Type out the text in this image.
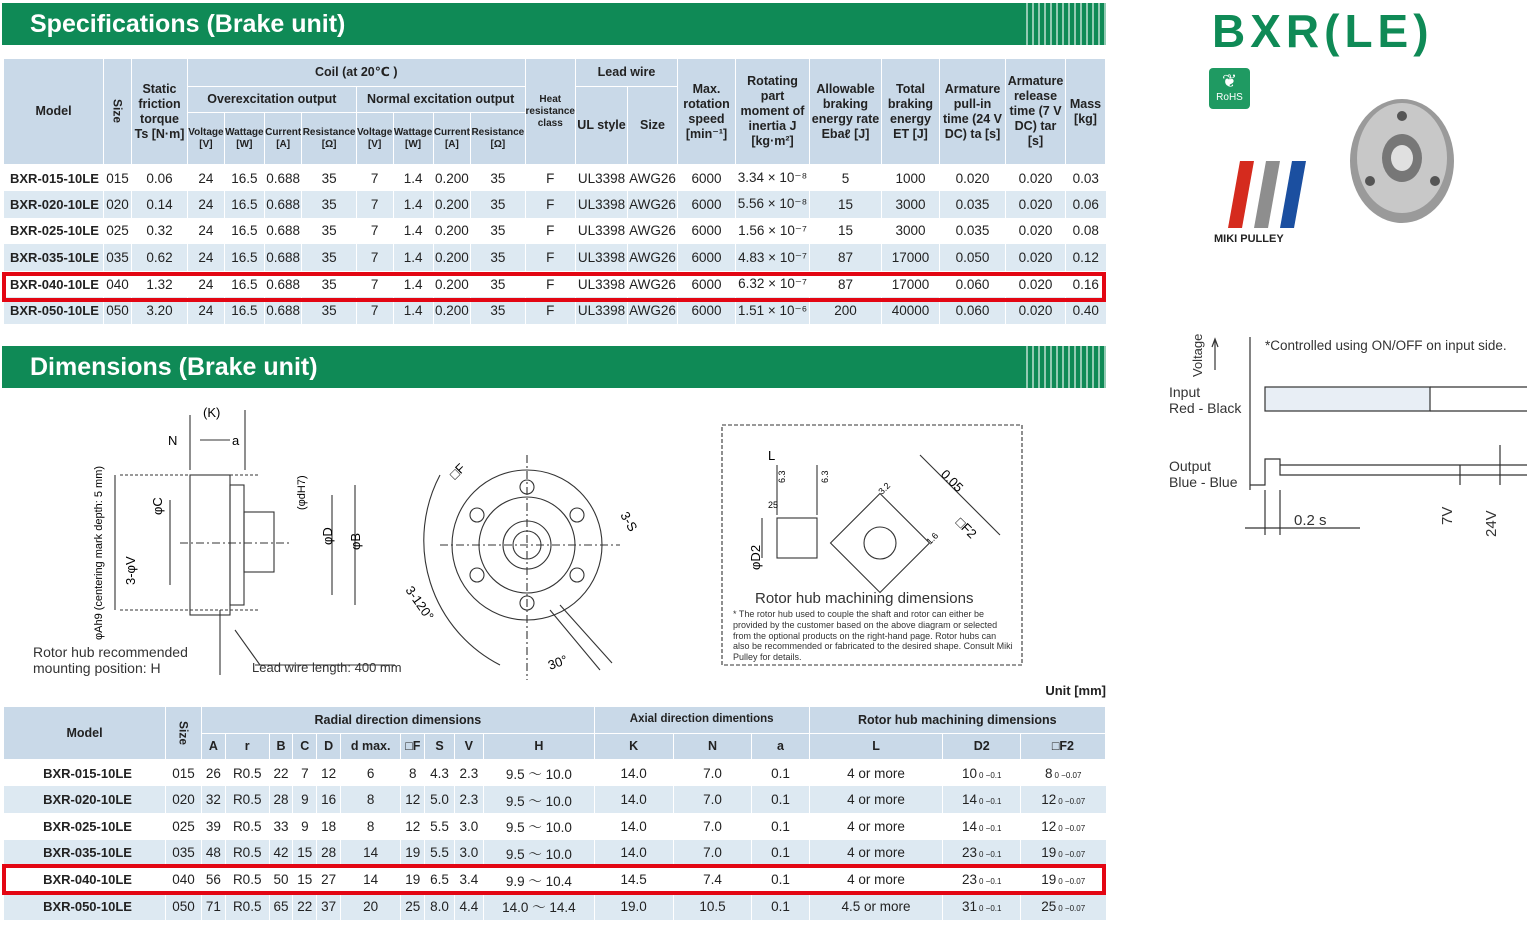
Specifications (Brake unit)
Model	Size	Static friction torque Ts [N·m]	Coil (at 20℃ )								Heat resistance class	Lead wire		Max. rotation speed [min⁻¹]	Rotating part moment of inertia J [kg·m²]	Allowable braking energy rate Ebaℓ [J]	Total braking energy ET [J]	Armature pull-in time (24 V DC) ta [s]	Armature release time (7 V DC) tar [s]	Mass [kg]
			Overexcitation output				Normal excitation output					UL style	Size							
			Voltage [V]	Wattage [W]	Current [A]	Resistance [Ω]	Voltage [V]	Wattage [W]	Current [A]	Resistance [Ω]										
BXR-015-10LE	015	0.06	24	16.5	0.688	35	7	1.4	0.200	35	F	UL3398	AWG26	6000	3.34 × 10⁻⁸	5	1000	0.020	0.020	0.03
BXR-020-10LE	020	0.14	24	16.5	0.688	35	7	1.4	0.200	35	F	UL3398	AWG26	6000	5.56 × 10⁻⁸	15	3000	0.035	0.020	0.06
BXR-025-10LE	025	0.32	24	16.5	0.688	35	7	1.4	0.200	35	F	UL3398	AWG26	6000	1.56 × 10⁻⁷	15	3000	0.035	0.020	0.08
BXR-035-10LE	035	0.62	24	16.5	0.688	35	7	1.4	0.200	35	F	UL3398	AWG26	6000	4.83 × 10⁻⁷	87	17000	0.050	0.020	0.12
BXR-040-10LE	040	1.32	24	16.5	0.688	35	7	1.4	0.200	35	F	UL3398	AWG26	6000	6.32 × 10⁻⁷	87	17000	0.060	0.020	0.16
BXR-050-10LE	050	3.20	24	16.5	0.688	35	7	1.4	0.200	35	F	UL3398	AWG26	6000	1.51 × 10⁻⁶	200	40000	0.060	0.020	0.40
Dimensions (Brake unit)
(K)
N	a
φC
φD φB
(φdH7)
3-φV
φAh9 (centering mark depth: 5 mm)	□F
3-S
3-120°
30°
L
φD2
□F2
0.05
6.3	6.3
25
3.2
1.6
Rotor hub recommended
mounting position: H	Lead wire length: 400 mm
Rotor hub machining dimensions
* The rotor hub used to couple the shaft and rotor can either be provided by the customer based on the above diagram or selected from the optional products on the right-hand page. Rotor hubs can also be recommended or fabricated to the desired shape. Consult Miki Pulley for details.
Unit [mm]
Model	Size	Radial direction dimensions										Axial direction dimentions			Rotor hub machining dimensions		
		A	r	B	C	D	d max.	□F	S	V	H	K	N	a	L	D2	□F2
BXR-015-10LE	015	26	R0.5	22	7	12	6	8	4.3	2.3	9.5 ～ 10.0	14.0	7.0	0.1	4 or more	10 0 −0.1	8 0 −0.07
BXR-020-10LE	020	32	R0.5	28	9	16	8	12	5.0	2.3	9.5 ～ 10.0	14.0	7.0	0.1	4 or more	14 0 −0.1	12 0 −0.07
BXR-025-10LE	025	39	R0.5	33	9	18	8	12	5.5	3.0	9.5 ～ 10.0	14.0	7.0	0.1	4 or more	14 0 −0.1	12 0 −0.07
BXR-035-10LE	035	48	R0.5	42	15	28	14	19	5.5	3.0	9.5 ～ 10.0	14.0	7.0	0.1	4 or more	23 0 −0.1	19 0 −0.07
BXR-040-10LE	040	56	R0.5	50	15	27	14	19	6.5	3.4	9.9 ～ 10.4	14.5	7.4	0.1	4 or more	23 0 −0.1	19 0 −0.07
BXR-050-10LE	050	71	R0.5	65	22	37	20	25	8.0	4.4	14.0 ～ 14.4	19.0	10.5	0.1	4.5 or more	31 0 −0.1	25 0 −0.07
BXR(LE)
❦
RoHS
MIKI PULLEY
Voltage	*Controlled using ON/OFF on input side.
Input
Red - Black
Output
Blue - Blue
0.2 s	7V 24V
